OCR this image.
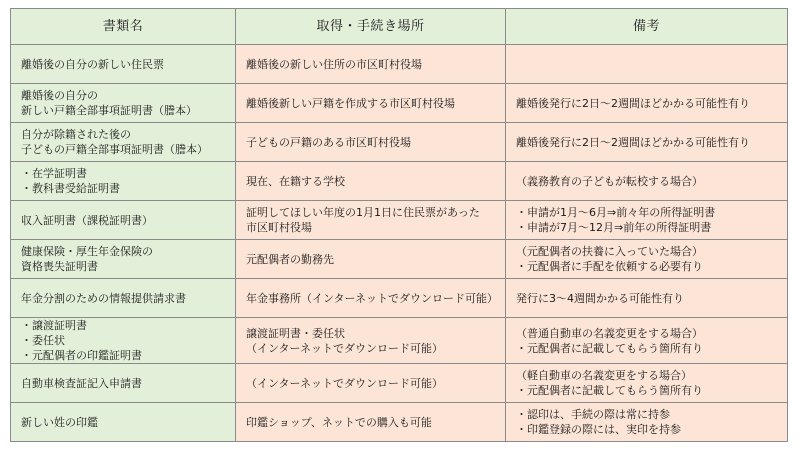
書類名	取得・手続き場所	備考

離婚後の自分の新しい住民票	離婚後の新しい住所の市区町村役場	

離婚後の自分の
新しい戸籍全部事項証明書（謄本）	離婚後新しい戸籍を作成する市区町村役場	離婚後発行に2日～2週間ほどかかる可能性有り

自分が除籍された後の
子どもの戸籍全部事項証明書（謄本）	子どもの戸籍のある市区町村役場	離婚後発行に2日～2週間ほどかかる可能性有り

・在学証明書
・教科書受給証明書	現在、在籍する学校	（義務教育の子どもが転校する場合）

収入証明書（課税証明書）	証明してほしい年度の1月1日に住民票があった
市区町村役場	・申請が1月～6月⇒前々年の所得証明書
・申請が7月～12月⇒前年の所得証明書

健康保険・厚生年金保険の
資格喪失証明書	元配偶者の勤務先	（元配偶者の扶養に入っていた場合）
・元配偶者に手配を依頼する必要有り

年金分割のための情報提供請求書	年金事務所（インターネットでダウンロード可能）	発行に3～4週間かかる可能性有り

・譲渡証明書
・委任状
・元配偶者の印鑑証明書	譲渡証明書・委任状
（インターネットでダウンロード可能）	（普通自動車の名義変更をする場合）
・元配偶者に記載してもらう箇所有り

自動車検査証記入申請書	（インターネットでダウンロード可能）	（軽自動車の名義変更をする場合）
・元配偶者に記載してもらう箇所有り

新しい姓の印鑑	印鑑ショップ、ネットでの購入も可能	・認印は、手続の際は常に持参
・印鑑登録の際には、実印を持参
